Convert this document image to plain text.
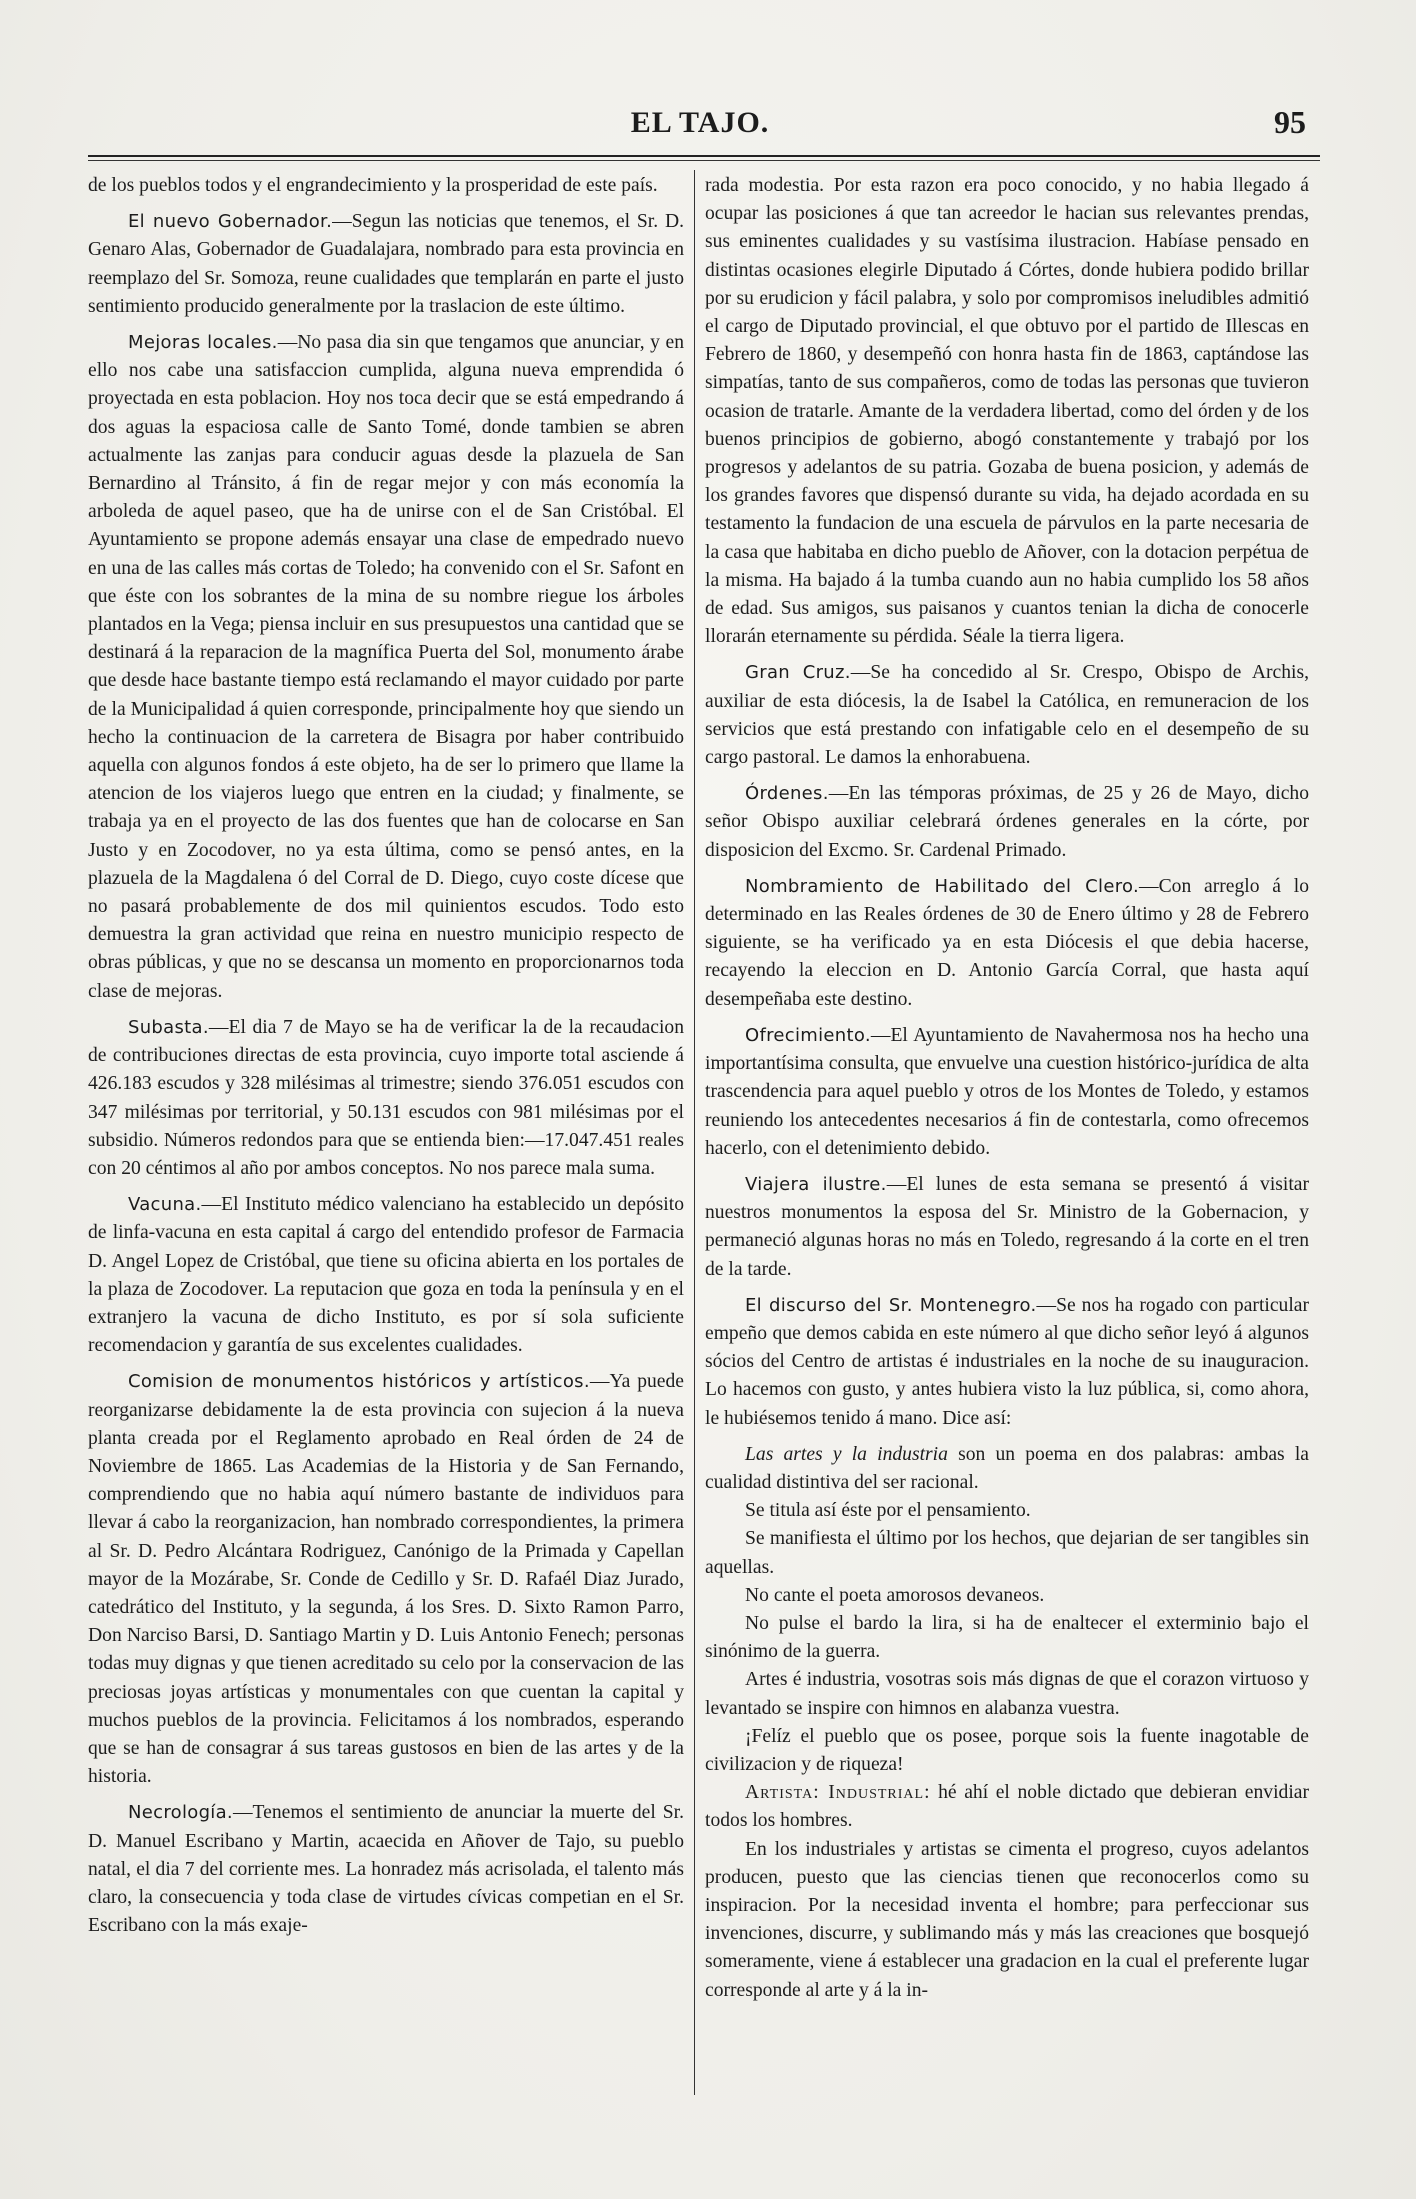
EL TAJO.	95

de los pueblos todos y el engrandecimiento y la prosperidad de este país.

El nuevo Gobernador.—Segun las noticias que tenemos, el Sr. D. Genaro Alas, Gobernador de Guadalajara, nombrado para esta provincia en reemplazo del Sr. Somoza, reune cualidades que templarán en parte el justo sentimiento producido generalmente por la traslacion de este último.

Mejoras locales.—No pasa dia sin que tengamos que anunciar, y en ello nos cabe una satisfaccion cumplida, alguna nueva emprendida ó proyectada en esta poblacion. Hoy nos toca decir que se está empedrando á dos aguas la espaciosa calle de Santo Tomé, donde tambien se abren actualmente las zanjas para conducir aguas desde la plazuela de San Bernardino al Tránsito, á fin de regar mejor y con más economía la arboleda de aquel paseo, que ha de unirse con el de San Cristóbal. El Ayuntamiento se propone además ensayar una clase de empedrado nuevo en una de las calles más cortas de Toledo; ha convenido con el Sr. Safont en que éste con los sobrantes de la mina de su nombre riegue los árboles plantados en la Vega; piensa incluir en sus presupuestos una cantidad que se destinará á la reparacion de la magnífica Puerta del Sol, monumento árabe que desde hace bastante tiempo está reclamando el mayor cuidado por parte de la Municipalidad á quien corresponde, principalmente hoy que siendo un hecho la continuacion de la carretera de Bisagra por haber contribuido aquella con algunos fondos á este objeto, ha de ser lo primero que llame la atencion de los viajeros luego que entren en la ciudad; y finalmente, se trabaja ya en el proyecto de las dos fuentes que han de colocarse en San Justo y en Zocodover, no ya esta última, como se pensó antes, en la plazuela de la Magdalena ó del Corral de D. Diego, cuyo coste dícese que no pasará probablemente de dos mil quinientos escudos. Todo esto demuestra la gran actividad que reina en nuestro municipio respecto de obras públicas, y que no se descansa un momento en proporcionarnos toda clase de mejoras.

Subasta.—El dia 7 de Mayo se ha de verificar la de la recaudacion de contribuciones directas de esta provincia, cuyo importe total asciende á 426.183 escudos y 328 milésimas al trimestre; siendo 376.051 escudos con 347 milésimas por territorial, y 50.131 escudos con 981 milésimas por el subsidio. Números redondos para que se entienda bien:—17.047.451 reales con 20 céntimos al año por ambos conceptos. No nos parece mala suma.

Vacuna.—El Instituto médico valenciano ha establecido un depósito de linfa-vacuna en esta capital á cargo del entendido profesor de Farmacia D. Angel Lopez de Cristóbal, que tiene su oficina abierta en los portales de la plaza de Zocodover. La reputacion que goza en toda la península y en el extranjero la vacuna de dicho Instituto, es por sí sola suficiente recomendacion y garantía de sus excelentes cualidades.

Comision de monumentos históricos y artísticos.—Ya puede reorganizarse debidamente la de esta provincia con sujecion á la nueva planta creada por el Reglamento aprobado en Real órden de 24 de Noviembre de 1865. Las Academias de la Historia y de San Fernando, comprendiendo que no habia aquí número bastante de individuos para llevar á cabo la reorganizacion, han nombrado correspondientes, la primera al Sr. D. Pedro Alcántara Rodriguez, Canónigo de la Primada y Capellan mayor de la Mozárabe, Sr. Conde de Cedillo y Sr. D. Rafaél Diaz Jurado, catedrático del Instituto, y la segunda, á los Sres. D. Sixto Ramon Parro, Don Narciso Barsi, D. Santiago Martin y D. Luis Antonio Fenech; personas todas muy dignas y que tienen acreditado su celo por la conservacion de las preciosas joyas artísticas y monumentales con que cuentan la capital y muchos pueblos de la provincia. Felicitamos á los nombrados, esperando que se han de consagrar á sus tareas gustosos en bien de las artes y de la historia.

Necrología.—Tenemos el sentimiento de anunciar la muerte del Sr. D. Manuel Escribano y Martin, acaecida en Añover de Tajo, su pueblo natal, el dia 7 del corriente mes. La honradez más acrisolada, el talento más claro, la consecuencia y toda clase de virtudes cívicas competian en el Sr. Escribano con la más exaje-

rada modestia. Por esta razon era poco conocido, y no habia llegado á ocupar las posiciones á que tan acreedor le hacian sus relevantes prendas, sus eminentes cualidades y su vastísima ilustracion. Habíase pensado en distintas ocasiones elegirle Diputado á Córtes, donde hubiera podido brillar por su erudicion y fácil palabra, y solo por compromisos ineludibles admitió el cargo de Diputado provincial, el que obtuvo por el partido de Illescas en Febrero de 1860, y desempeñó con honra hasta fin de 1863, captándose las simpatías, tanto de sus compañeros, como de todas las personas que tuvieron ocasion de tratarle. Amante de la verdadera libertad, como del órden y de los buenos principios de gobierno, abogó constantemente y trabajó por los progresos y adelantos de su patria. Gozaba de buena posicion, y además de los grandes favores que dispensó durante su vida, ha dejado acordada en su testamento la fundacion de una escuela de párvulos en la parte necesaria de la casa que habitaba en dicho pueblo de Añover, con la dotacion perpétua de la misma. Ha bajado á la tumba cuando aun no habia cumplido los 58 años de edad. Sus amigos, sus paisanos y cuantos tenian la dicha de conocerle llorarán eternamente su pérdida. Séale la tierra ligera.

Gran Cruz.—Se ha concedido al Sr. Crespo, Obispo de Archis, auxiliar de esta diócesis, la de Isabel la Católica, en remuneracion de los servicios que está prestando con infatigable celo en el desempeño de su cargo pastoral. Le damos la enhorabuena.

Órdenes.—En las témporas próximas, de 25 y 26 de Mayo, dicho señor Obispo auxiliar celebrará órdenes generales en la córte, por disposicion del Excmo. Sr. Cardenal Primado.

Nombramiento de Habilitado del Clero.—Con arreglo á lo determinado en las Reales órdenes de 30 de Enero último y 28 de Febrero siguiente, se ha verificado ya en esta Diócesis el que debia hacerse, recayendo la eleccion en D. Antonio García Corral, que hasta aquí desempeñaba este destino.

Ofrecimiento.—El Ayuntamiento de Navahermosa nos ha hecho una importantísima consulta, que envuelve una cuestion histórico-jurídica de alta trascendencia para aquel pueblo y otros de los Montes de Toledo, y estamos reuniendo los antecedentes necesarios á fin de contestarla, como ofrecemos hacerlo, con el detenimiento debido.

Viajera ilustre.—El lunes de esta semana se presentó á visitar nuestros monumentos la esposa del Sr. Ministro de la Gobernacion, y permaneció algunas horas no más en Toledo, regresando á la corte en el tren de la tarde.

El discurso del Sr. Montenegro.—Se nos ha rogado con particular empeño que demos cabida en este número al que dicho señor leyó á algunos sócios del Centro de artistas é industriales en la noche de su inauguracion. Lo hacemos con gusto, y antes hubiera visto la luz pública, si, como ahora, le hubiésemos tenido á mano. Dice así:

Las artes y la industria son un poema en dos palabras: ambas la cualidad distintiva del ser racional.

Se titula así éste por el pensamiento.

Se manifiesta el último por los hechos, que dejarian de ser tangibles sin aquellas.

No cante el poeta amorosos devaneos.

No pulse el bardo la lira, si ha de enaltecer el exterminio bajo el sinónimo de la guerra.

Artes é industria, vosotras sois más dignas de que el corazon virtuoso y levantado se inspire con himnos en alabanza vuestra.

¡Felíz el pueblo que os posee, porque sois la fuente inagotable de civilizacion y de riqueza!

Artista: Industrial: hé ahí el noble dictado que debieran envidiar todos los hombres.

En los industriales y artistas se cimenta el progreso, cuyos adelantos producen, puesto que las ciencias tienen que reconocerlos como su inspiracion. Por la necesidad inventa el hombre; para perfeccionar sus invenciones, discurre, y sublimando más y más las creaciones que bosquejó someramente, viene á establecer una gradacion en la cual el preferente lugar corresponde al arte y á la in-
